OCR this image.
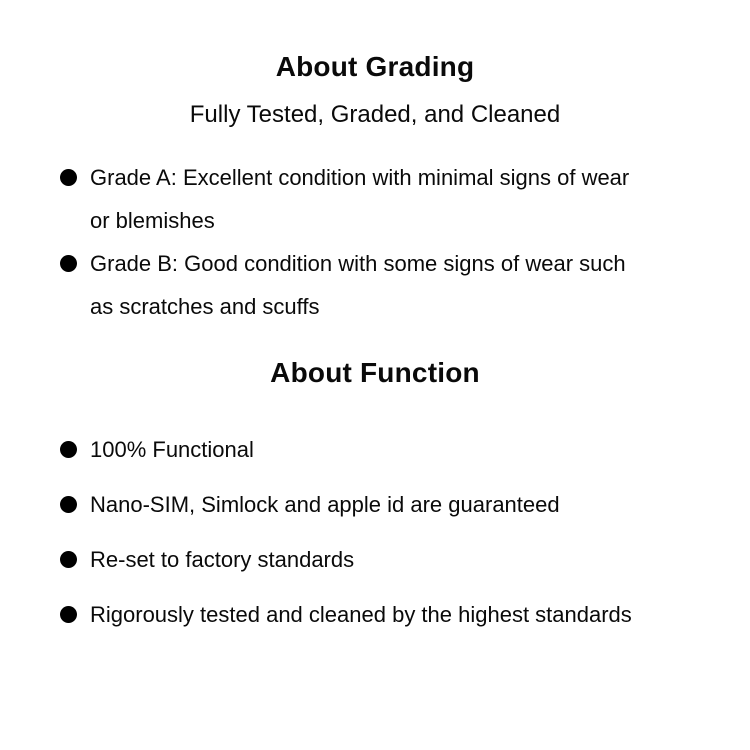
About Grading

Fully Tested, Graded, and Cleaned

Grade A: Excellent condition with minimal signs of wear or blemishes
Grade B: Good condition with some signs of wear such as scratches and scuffs
About Function
100% Functional
Nano-SIM, Simlock and apple id are guaranteed
Re-set to factory standards
Rigorously tested and cleaned by the highest standards
